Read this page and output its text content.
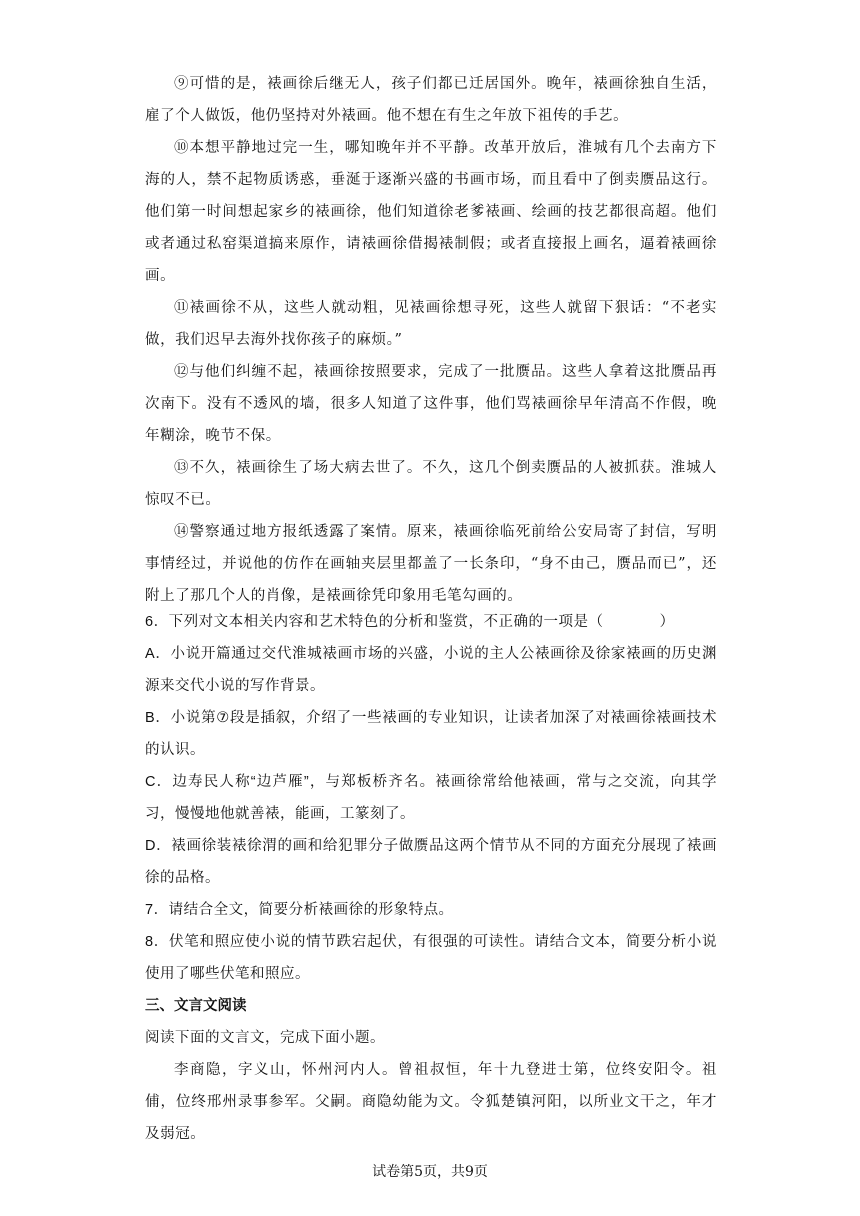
⑨可惜的是，裱画徐后继无人，孩子们都已迁居国外。晚年，裱画徐独自生活，雇了个人做饭，他仍坚持对外裱画。他不想在有生之年放下祖传的手艺。

⑩本想平静地过完一生，哪知晚年并不平静。改革开放后，淮城有几个去南方下海的人，禁不起物质诱惑，垂涎于逐渐兴盛的书画市场，而且看中了倒卖赝品这行。他们第一时间想起家乡的裱画徐，他们知道徐老爹裱画、绘画的技艺都很高超。他们或者通过私窑渠道搞来原作，请裱画徐借揭裱制假；或者直接报上画名，逼着裱画徐画。

⑪裱画徐不从，这些人就动粗，见裱画徐想寻死，这些人就留下狠话：“不老实做，我们迟早去海外找你孩子的麻烦。”

⑫与他们纠缠不起，裱画徐按照要求，完成了一批赝品。这些人拿着这批赝品再次南下。没有不透风的墙，很多人知道了这件事，他们骂裱画徐早年清高不作假，晚年糊涂，晚节不保。

⑬不久，裱画徐生了场大病去世了。不久，这几个倒卖赝品的人被抓获。淮城人惊叹不已。

⑭警察通过地方报纸透露了案情。原来，裱画徐临死前给公安局寄了封信，写明事情经过，并说他的仿作在画轴夹层里都盖了一长条印，“身不由己，赝品而已”，还附上了那几个人的肖像，是裱画徐凭印象用毛笔勾画的。

6．下列对文本相关内容和艺术特色的分析和鉴赏，不正确的一项是（	）

A．小说开篇通过交代淮城裱画市场的兴盛，小说的主人公裱画徐及徐家裱画的历史渊源来交代小说的写作背景。

B．小说第⑦段是插叙，介绍了一些裱画的专业知识，让读者加深了对裱画徐裱画技术的认识。

C．边寿民人称“边芦雁”，与郑板桥齐名。裱画徐常给他裱画，常与之交流，向其学习，慢慢地他就善裱，能画，工篆刻了。

D．裱画徐装裱徐渭的画和给犯罪分子做赝品这两个情节从不同的方面充分展现了裱画徐的品格。

7．请结合全文，简要分析裱画徐的形象特点。

8．伏笔和照应使小说的情节跌宕起伏，有很强的可读性。请结合文本，简要分析小说使用了哪些伏笔和照应。

三、文言文阅读

阅读下面的文言文，完成下面小题。

李商隐，字义山，怀州河内人。曾祖叔恒，年十九登进士第，位终安阳令。祖俌，位终邢州录事参军。父嗣。商隐幼能为文。令狐楚镇河阳，以所业文干之，年才及弱冠。

试卷第5页，共9页
